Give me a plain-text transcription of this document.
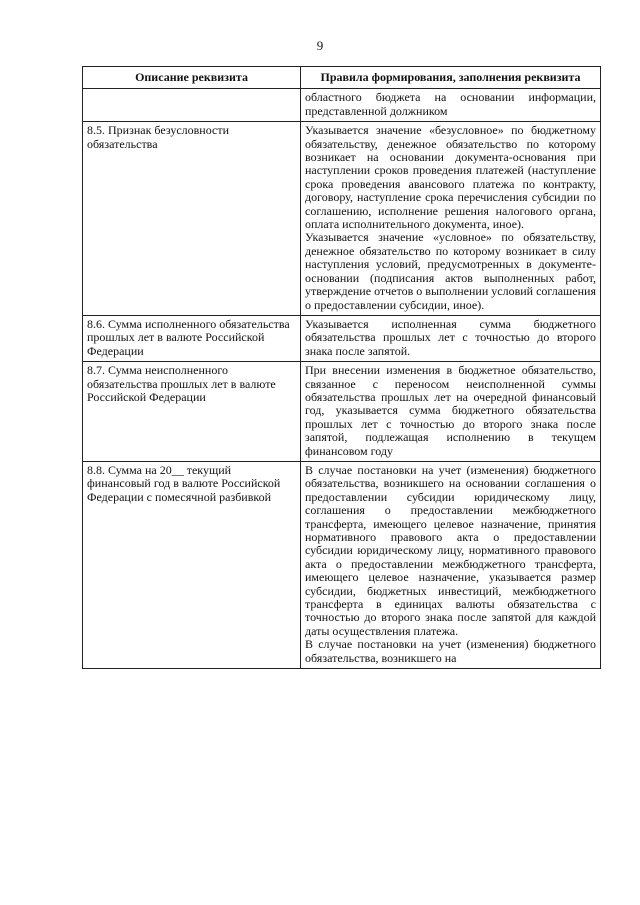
9
Описание реквизита	Правила формирования, заполнения реквизита

	областного бюджета на основании информации, представленной должником

8.5. Признак безусловности обязательства	Указывается значение «безусловное» по бюджетному обязательству, денежное обязательство по которому возникает на основании документа-основания при наступлении сроков проведения платежей (наступление срока проведения авансового платежа по контракту, договору, наступление срока перечисления субсидии по соглашению, исполнение решения налогового органа, оплата исполнительного документа, иное).

Указывается значение «условное» по обязательству, денежное обязательство по которому возникает в силу наступления условий, предусмотренных в документе-основании (подписания актов выполненных работ, утверждение отчетов о выполнении условий соглашения о предоставлении субсидии, иное).

8.6. Сумма исполненного обязательства прошлых лет в валюте Российской Федерации	Указывается исполненная сумма бюджетного обязательства прошлых лет с точностью до второго знака после запятой.

8.7. Сумма неисполненного обязательства прошлых лет в валюте Российской Федерации	При внесении изменения в бюджетное обязательство, связанное с переносом неисполненной суммы обязательства прошлых лет на очередной финансовый год, указывается сумма бюджетного обязательства прошлых лет с точностью до второго знака после запятой, подлежащая исполнению в текущем финансовом году

8.8. Сумма на 20__ текущий финансовый год в валюте Российской Федерации с помесячной разбивкой	В случае постановки на учет (изменения) бюджетного обязательства, возникшего на основании соглашения о предоставлении субсидии юридическому лицу, соглашения о предоставлении межбюджетного трансферта, имеющего целевое назначение, принятия нормативного правового акта о предоставлении субсидии юридическому лицу, нормативного правового акта о предоставлении межбюджетного трансферта, имеющего целевое назначение, указывается размер субсидии, бюджетных инвестиций, межбюджетного трансферта в единицах валюты обязательства с точностью до второго знака после запятой для каждой даты осуществления платежа.

В случае постановки на учет (изменения) бюджетного обязательства, возникшего на
